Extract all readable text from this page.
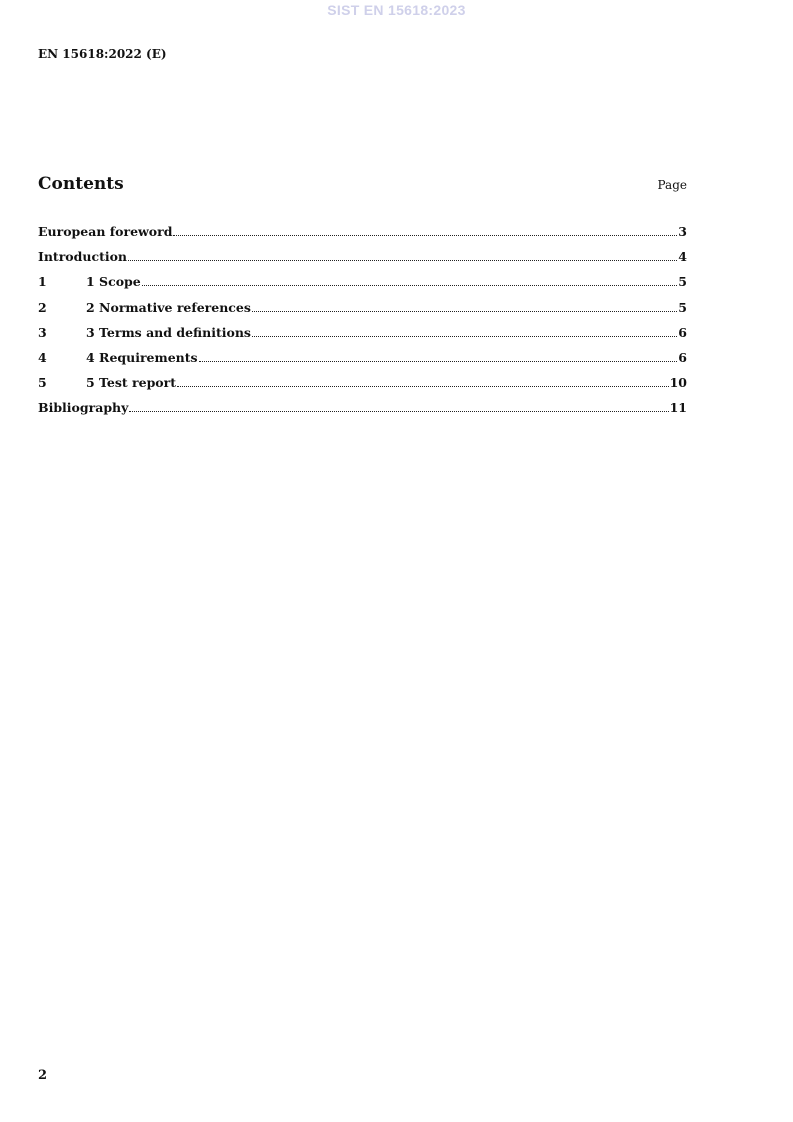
SIST EN 15618:2023
EN 15618:2022 (E)
Contents	Page
European foreword	3
Introduction	4
1	1 Scope	5
2	2 Normative references	5
3	3 Terms and definitions	6
4	4 Requirements	6
5	5 Test report	10
Bibliography	11
2
